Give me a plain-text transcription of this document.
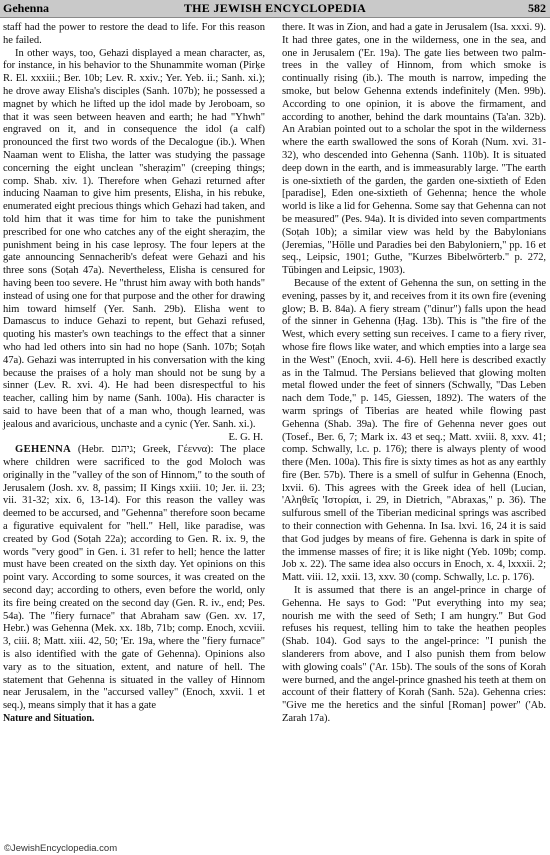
THE JEWISH ENCYCLOPEDIA
Gehenna	582

staff had the power to restore the dead to life. For this reason he failed.

In other ways, too, Gehazi displayed a mean character, as, for instance, in his behavior to the Shunammite woman (Pirḳe R. El. xxxiii.; Ber. 10b; Lev. R. xxiv.; Yer. Yeb. ii.; Sanh. xi.); he drove away Elisha's disciples (Sanh. 107b); he possessed a magnet by which he lifted up the idol made by Jeroboam, so that it was seen between heaven and earth; he had "Yhwh" engraved on it, and in consequence the idol (a calf) pronounced the first two words of the Decalogue (ib.). When Naaman went to Elisha, the latter was studying the passage concerning the eight unclean "sheraẓim" (creeping things; comp. Shab. xiv. 1). Therefore when Gehazi returned after inducing Naaman to give him presents, Elisha, in his rebuke, enumerated eight precious things which Gehazi had taken, and told him that it was time for him to take the punishment prescribed for one who catches any of the eight sheraẓim, the punishment being in his case leprosy. The four lepers at the gate announcing Sennacherib's defeat were Gehazi and his three sons (Soṭah 47a). Nevertheless, Elisha is censured for having been too severe. He "thrust him away with both hands" instead of using one for that purpose and the other for drawing him toward himself (Yer. Sanh. 29b). Elisha went to Damascus to induce Gehazi to repent, but Gehazi refused, quoting his master's own teachings to the effect that a sinner who had led others into sin had no hope (Sanh. 107b; Soṭah 47a). Gehazi was interrupted in his conversation with the king because the praises of a holy man should not be sung by a sinner (Lev. R. xvi. 4). He had been disrespectful to his teacher, calling him by name (Sanh. 100a). His character is said to have been that of a man who, though learned, was jealous and avaricious, unchaste and a cynic (Yer. Sanh. xi.).

E. G. H.

GEHENNA (Hebr. גיהנם; Greek, Γέεννα): The place where children were sacrificed to the god Moloch was originally in the "valley of the son of Hinnom," to the south of Jerusalem (Josh. xv. 8, passim; II Kings xxiii. 10; Jer. ii. 23; vii. 31-32; xix. 6, 13-14). For this reason the valley was deemed to be accursed, and "Gehenna" therefore soon became a figurative equivalent for "hell." Hell, like paradise, was created by God (Soṭah 22a); according to Gen. R. ix. 9, the words "very good" in Gen. i. 31 refer to hell; hence the latter must have been created on the sixth day. Yet opinions on this point vary. According to some sources, it was created on the second day; according to others, even before the world, only its fire being created on the second day (Gen. R. iv., end; Pes. 54a). The "fiery furnace" that Abraham saw (Gen. xv. 17, Hebr.) was Gehenna (Mek. xx. 18b, 71b; comp. Enoch, xcviii. 3, ciii. 8; Matt. xiii. 42, 50; 'Er. 19a, where the "fiery furnace" is also identified with the gate of Gehenna). Opinions also vary as to the situation, extent, and nature of hell. The statement that Gehenna is situated in the valley of Hinnom near Jerusalem, in the "accursed valley" (Enoch, xxvii. 1 et seq.), means simply that it has a gate

Nature and Situation.

there. It was in Zion, and had a gate in Jerusalem (Isa. xxxi. 9). It had three gates, one in the wilderness, one in the sea, and one in Jerusalem ('Er. 19a). The gate lies between two palm-trees in the valley of Hinnom, from which smoke is continually rising (ib.). The mouth is narrow, impeding the smoke, but below Gehenna extends indefinitely (Men. 99b). According to one opinion, it is above the firmament, and according to another, behind the dark mountains (Ta'an. 32b). An Arabian pointed out to a scholar the spot in the wilderness where the earth swallowed the sons of Korah (Num. xvi. 31-32), who descended into Gehenna (Sanh. 110b). It is situated deep down in the earth, and is immeasurably large. "The earth is one-sixtieth of the garden, the garden one-sixtieth of Eden [paradise], Eden one-sixtieth of Gehenna; hence the whole world is like a lid for Gehenna. Some say that Gehenna can not be measured" (Pes. 94a). It is divided into seven compartments (Soṭah 10b); a similar view was held by the Babylonians (Jeremias, "Hölle und Paradies bei den Babyloniern," pp. 16 et seq., Leipsic, 1901; Guthe, "Kurzes Bibelwörterb." p. 272, Tübingen and Leipsic, 1903).

Because of the extent of Gehenna the sun, on setting in the evening, passes by it, and receives from it its own fire (evening glow; B. B. 84a). A fiery stream ("dinur") falls upon the head of the sinner in Gehenna (Ḥag. 13b). This is "the fire of the West, which every setting sun receives. I came to a fiery river, whose fire flows like water, and which empties into a large sea in the West" (Enoch, xvii. 4-6). Hell here is described exactly as in the Talmud. The Persians believed that glowing molten metal flowed under the feet of sinners (Schwally, "Das Leben nach dem Tode," p. 145, Giessen, 1892). The waters of the warm springs of Tiberias are heated while flowing past Gehenna (Shab. 39a). The fire of Gehenna never goes out (Tosef., Ber. 6, 7; Mark ix. 43 et seq.; Matt. xviii. 8, xxv. 41; comp. Schwally, l.c. p. 176); there is always plenty of wood there (Men. 100a). This fire is sixty times as hot as any earthly fire (Ber. 57b). There is a smell of sulfur in Gehenna (Enoch, lxvii. 6). This agrees with the Greek idea of hell (Lucian, 'Αληθεῖς 'Ιστορίαι, i. 29, in Dietrich, "Abraxas," p. 36). The sulfurous smell of the Tiberian medicinal springs was ascribed to their connection with Gehenna. In Isa. lxvi. 16, 24 it is said that God judges by means of fire. Gehenna is dark in spite of the immense masses of fire; it is like night (Yeb. 109b; comp. Job x. 22). The same idea also occurs in Enoch, x. 4, lxxxii. 2; Matt. viii. 12, xxii. 13, xxv. 30 (comp. Schwally, l.c. p. 176).

It is assumed that there is an angel-prince in charge of Gehenna. He says to God: "Put everything into my sea; nourish me with the seed of Seth; I am hungry." But God refuses his request, telling him to take the heathen peoples (Shab. 104). God says to the angel-prince: "I punish the slanderers from above, and I also punish them from below with glowing coals" ('Ar. 15b). The souls of the sons of Korah were burned, and the angel-prince gnashed his teeth at them on account of their flattery of Korah (Sanh. 52a). Gehenna cries: "Give me the heretics and the sinful [Roman] power" ('Ab. Zarah 17a).

©JewishEncyclopedia.com
